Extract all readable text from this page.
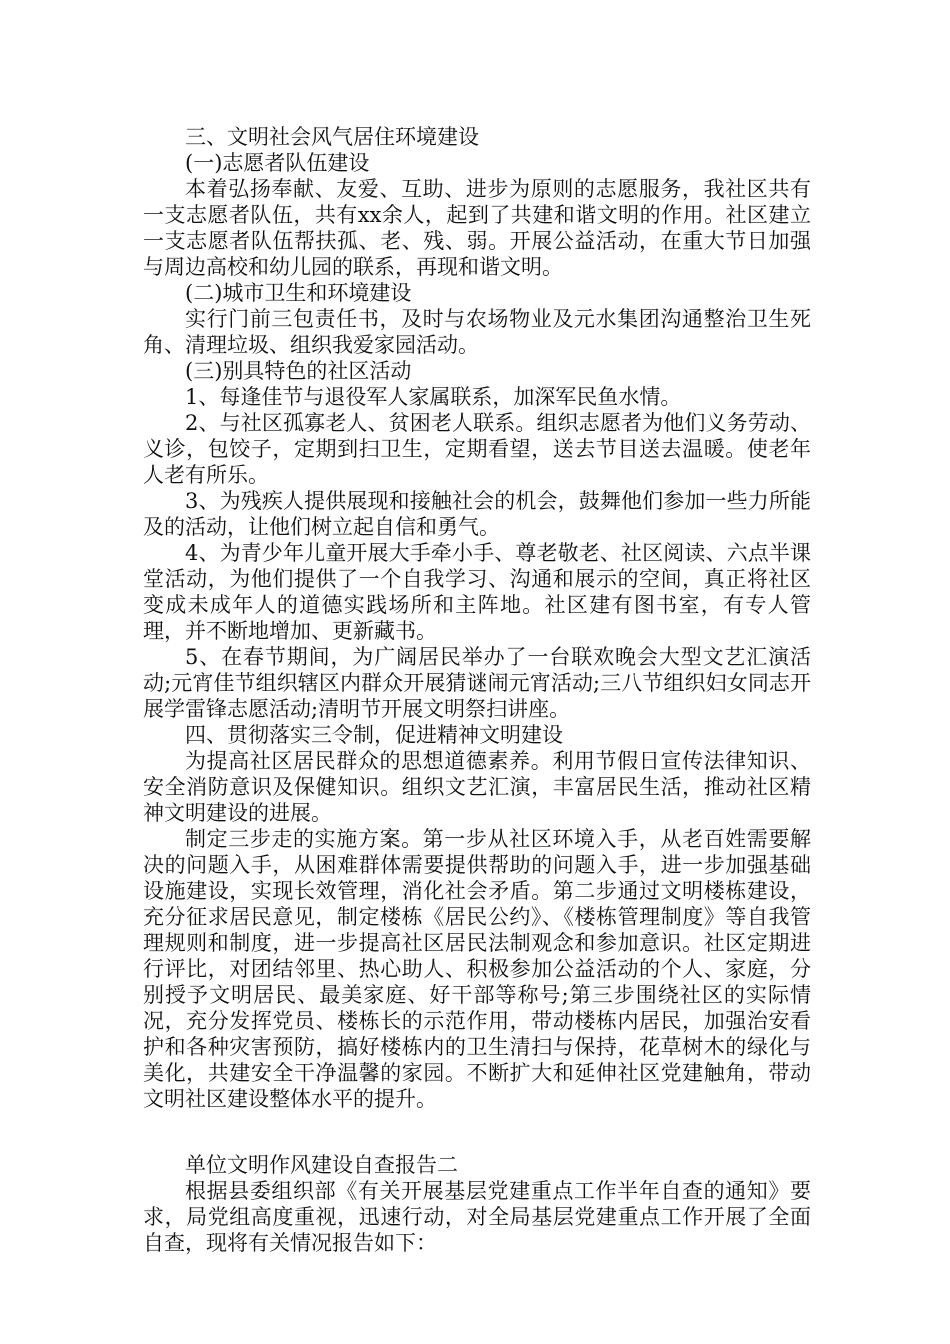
三、文明社会风气居住环境建设

(一)志愿者队伍建设

本着弘扬奉献、友爱、互助、进步为原则的志愿服务，我社区共有一支志愿者队伍，共有xx余人，起到了共建和谐文明的作用。社区建立一支志愿者队伍帮扶孤、老、残、弱。开展公益活动，在重大节日加强与周边高校和幼儿园的联系，再现和谐文明。

(二)城市卫生和环境建设

实行门前三包责任书，及时与农场物业及元水集团沟通整治卫生死角、清理垃圾、组织我爱家园活动。

(三)别具特色的社区活动

1、每逢佳节与退役军人家属联系，加深军民鱼水情。

2、与社区孤寡老人、贫困老人联系。组织志愿者为他们义务劳动、义诊，包饺子，定期到扫卫生，定期看望，送去节目送去温暖。使老年人老有所乐。

3、为残疾人提供展现和接触社会的机会，鼓舞他们参加一些力所能及的活动，让他们树立起自信和勇气。

4、为青少年儿童开展大手牵小手、尊老敬老、社区阅读、六点半课堂活动，为他们提供了一个自我学习、沟通和展示的空间，真正将社区变成未成年人的道德实践场所和主阵地。社区建有图书室，有专人管理，并不断地增加、更新藏书。

5、在春节期间，为广阔居民举办了一台联欢晚会大型文艺汇演活动;元宵佳节组织辖区内群众开展猜谜闹元宵活动;三八节组织妇女同志开展学雷锋志愿活动;清明节开展文明祭扫讲座。

四、贯彻落实三令制，促进精神文明建设

为提高社区居民群众的思想道德素养。利用节假日宣传法律知识、安全消防意识及保健知识。组织文艺汇演，丰富居民生活，推动社区精神文明建设的进展。

制定三步走的实施方案。第一步从社区环境入手，从老百姓需要解决的问题入手，从困难群体需要提供帮助的问题入手，进一步加强基础设施建设，实现长效管理，消化社会矛盾。第二步通过文明楼栋建设，充分征求居民意见，制定楼栋《居民公约》、《楼栋管理制度》等自我管理规则和制度，进一步提高社区居民法制观念和参加意识。社区定期进行评比，对团结邻里、热心助人、积极参加公益活动的个人、家庭，分别授予文明居民、最美家庭、好干部等称号;第三步围绕社区的实际情况，充分发挥党员、楼栋长的示范作用，带动楼栋内居民，加强治安看护和各种灾害预防，搞好楼栋内的卫生清扫与保持，花草树木的绿化与美化，共建安全干净温馨的家园。不断扩大和延伸社区党建触角，带动文明社区建设整体水平的提升。

单位文明作风建设自查报告二

根据县委组织部《有关开展基层党建重点工作半年自查的通知》要求，局党组高度重视，迅速行动，对全局基层党建重点工作开展了全面自查，现将有关情况报告如下：
